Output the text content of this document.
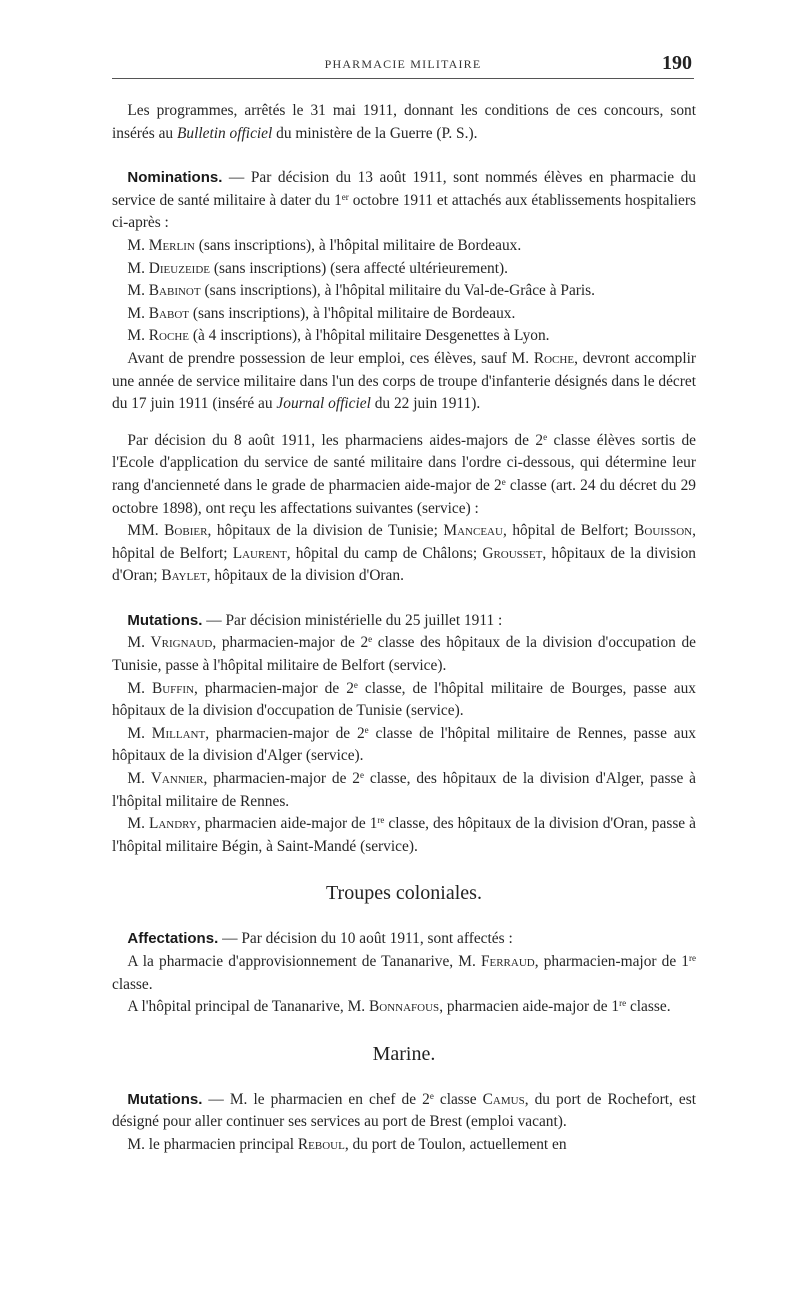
PHARMACIE MILITAIRE	190

 Les programmes, arrêtés le 31 mai 1911, donnant les conditions de ces concours, sont insérés au Bulletin officiel du ministère de la Guerre (P. S.).

 Nominations. — Par décision du 13 août 1911, sont nommés élèves en pharmacie du service de santé militaire à dater du 1er octobre 1911 et attachés aux établissements hospitaliers ci-après :

 M. Merlin (sans inscriptions), à l'hôpital militaire de Bordeaux.

 M. Dieuzeide (sans inscriptions) (sera affecté ultérieurement).

 M. Babinot (sans inscriptions), à l'hôpital militaire du Val-de-Grâce à Paris.

 M. Babot (sans inscriptions), à l'hôpital militaire de Bordeaux.

 M. Roche (à 4 inscriptions), à l'hôpital militaire Desgenettes à Lyon.

 Avant de prendre possession de leur emploi, ces élèves, sauf M. Roche, devront accomplir une année de service militaire dans l'un des corps de troupe d'infanterie désignés dans le décret du 17 juin 1911 (inséré au Journal officiel du 22 juin 1911).

 Par décision du 8 août 1911, les pharmaciens aides-majors de 2e classe élèves sortis de l'Ecole d'application du service de santé militaire dans l'ordre ci-dessous, qui détermine leur rang d'ancienneté dans le grade de pharmacien aide-major de 2e classe (art. 24 du décret du 29 octobre 1898), ont reçu les affectations suivantes (service) :

 MM. Bobier, hôpitaux de la division de Tunisie; Manceau, hôpital de Belfort; Bouisson, hôpital de Belfort; Laurent, hôpital du camp de Châlons; Grousset, hôpitaux de la division d'Oran; Baylet, hôpitaux de la division d'Oran.

 Mutations. — Par décision ministérielle du 25 juillet 1911 :

 M. Vrignaud, pharmacien-major de 2e classe des hôpitaux de la division d'occupation de Tunisie, passe à l'hôpital militaire de Belfort (service).

 M. Buffin, pharmacien-major de 2e classe, de l'hôpital militaire de Bourges, passe aux hôpitaux de la division d'occupation de Tunisie (service).

 M. Millant, pharmacien-major de 2e classe de l'hôpital militaire de Rennes, passe aux hôpitaux de la division d'Alger (service).

 M. Vannier, pharmacien-major de 2e classe, des hôpitaux de la division d'Alger, passe à l'hôpital militaire de Rennes.

 M. Landry, pharmacien aide-major de 1re classe, des hôpitaux de la division d'Oran, passe à l'hôpital militaire Bégin, à Saint-Mandé (service).

Troupes coloniales.

 Affectations. — Par décision du 10 août 1911, sont affectés :

 A la pharmacie d'approvisionnement de Tananarive, M. Ferraud, pharmacien-major de 1re classe.

 A l'hôpital principal de Tananarive, M. Bonnafous, pharmacien aide-major de 1re classe.

Marine.

 Mutations. — M. le pharmacien en chef de 2e classe Camus, du port de Rochefort, est désigné pour aller continuer ses services au port de Brest (emploi vacant).

 M. le pharmacien principal Reboul, du port de Toulon, actuellement en
